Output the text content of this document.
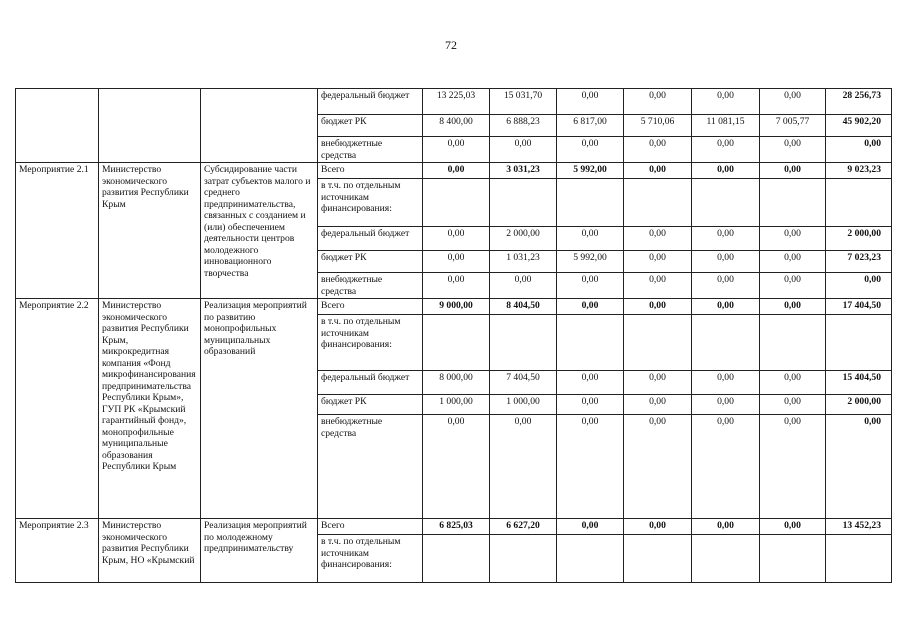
72
			федеральный бюджет	13 225,03	15 031,70	0,00	0,00	0,00	0,00	28 256,73
			бюджет РК	8 400,00	6 888,23	6 817,00	5 710,06	11 081,15	7 005,77	45 902,20
			внебюджетные средства	0,00	0,00	0,00	0,00	0,00	0,00	0,00
Мероприятие 2.1	Министерство экономического развития Республики Крым	Субсидирование части затрат субъектов малого и среднего предпринимательства, связанных с созданием и (или) обеспечением деятельности центров молодежного инновационного творчества	Всего	0,00	3 031,23	5 992,00	0,00	0,00	0,00	9 023,23
			в т.ч. по отдельным источникам финансирования:							
			федеральный бюджет	0,00	2 000,00	0,00	0,00	0,00	0,00	2 000,00
			бюджет РК	0,00	1 031,23	5 992,00	0,00	0,00	0,00	7 023,23
			внебюджетные средства	0,00	0,00	0,00	0,00	0,00	0,00	0,00
Мероприятие 2.2	Министерство экономического развития Республики Крым, микрокредитная компания «Фонд микрофинансирования предпринимательства Республики Крым», ГУП РК «Крымский гарантийный фонд», монопрофильные муниципальные образования Республики Крым	Реализация мероприятий по развитию монопрофильных муниципальных образований	Всего	9 000,00	8 404,50	0,00	0,00	0,00	0,00	17 404,50
			в т.ч. по отдельным источникам финансирования:							
			федеральный бюджет	8 000,00	7 404,50	0,00	0,00	0,00	0,00	15 404,50
			бюджет РК	1 000,00	1 000,00	0,00	0,00	0,00	0,00	2 000,00
			внебюджетные средства	0,00	0,00	0,00	0,00	0,00	0,00	0,00
Мероприятие 2.3	Министерство экономического развития Республики Крым, НО «Крымский	Реализация мероприятий по молодежному предпринимательству	Всего	6 825,03	6 627,20	0,00	0,00	0,00	0,00	13 452,23
			в т.ч. по отдельным источникам финансирования:							
